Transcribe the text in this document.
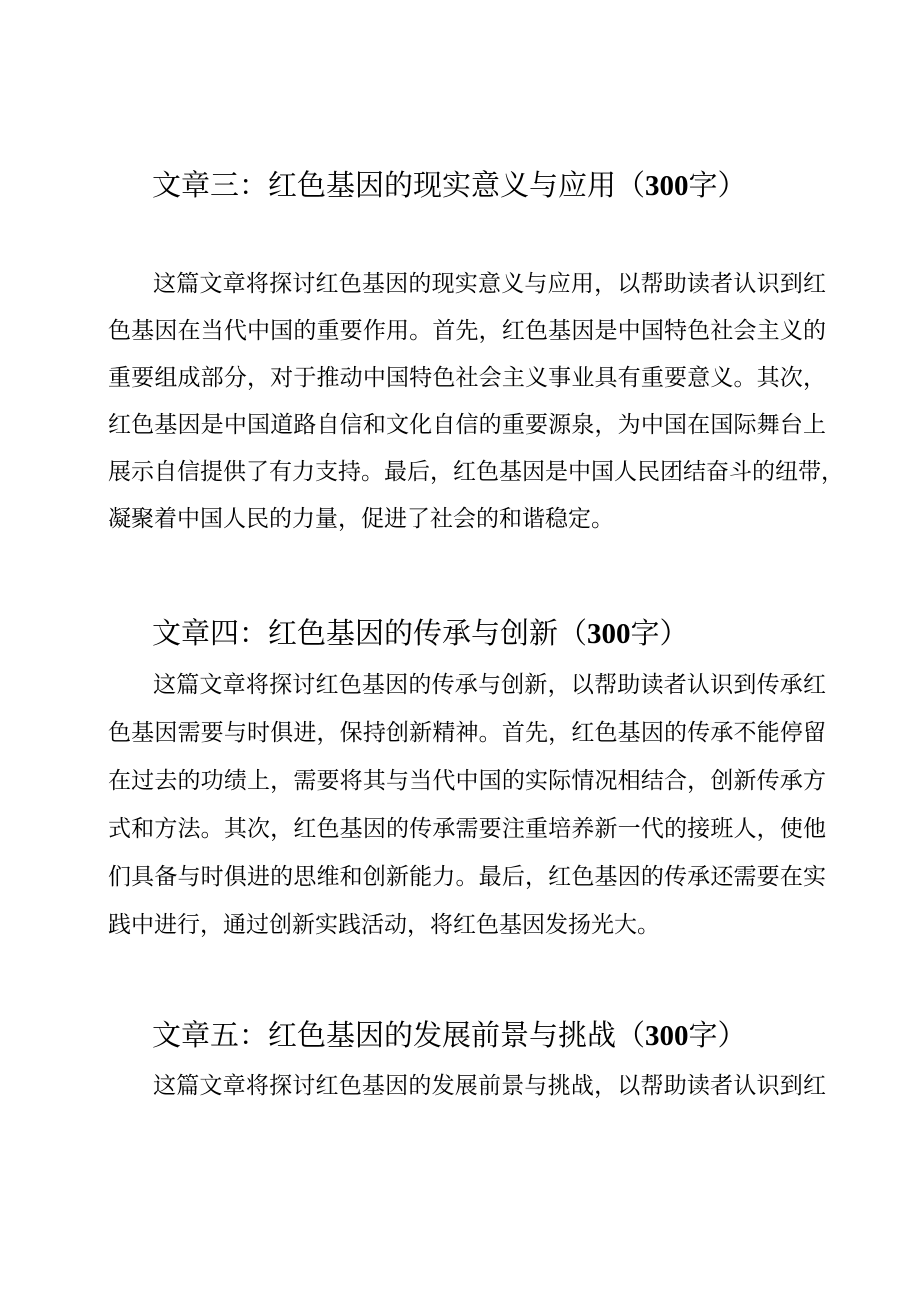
文章三：红色基因的现实意义与应用（300字）
这篇文章将探讨红色基因的现实意义与应用，以帮助读者认识到红
色基因在当代中国的重要作用。首先，红色基因是中国特色社会主义的
重要组成部分，对于推动中国特色社会主义事业具有重要意义。其次，
红色基因是中国道路自信和文化自信的重要源泉，为中国在国际舞台上
展示自信提供了有力支持。最后，红色基因是中国人民团结奋斗的纽带，
凝聚着中国人民的力量，促进了社会的和谐稳定。
文章四：红色基因的传承与创新（300字）
这篇文章将探讨红色基因的传承与创新，以帮助读者认识到传承红
色基因需要与时俱进，保持创新精神。首先，红色基因的传承不能停留
在过去的功绩上，需要将其与当代中国的实际情况相结合，创新传承方
式和方法。其次，红色基因的传承需要注重培养新一代的接班人，使他
们具备与时俱进的思维和创新能力。最后，红色基因的传承还需要在实
践中进行，通过创新实践活动，将红色基因发扬光大。
文章五：红色基因的发展前景与挑战（300字）
这篇文章将探讨红色基因的发展前景与挑战，以帮助读者认识到红
